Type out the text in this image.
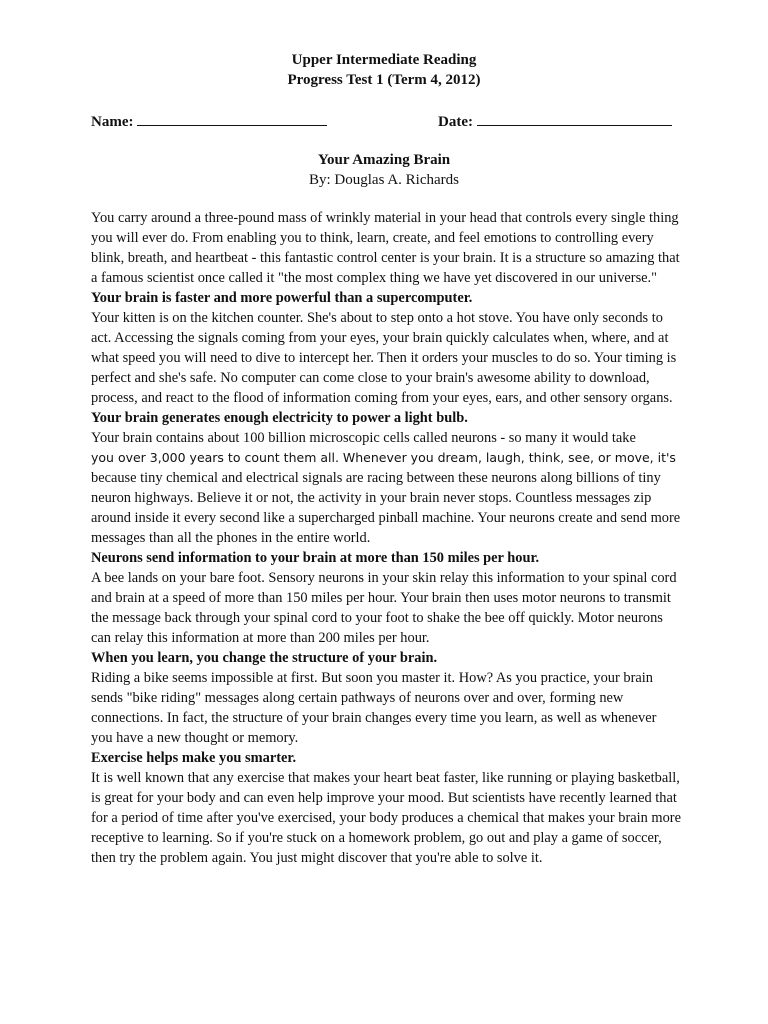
Upper Intermediate Reading
Progress Test 1 (Term 4, 2012)
Name:	Date:
Your Amazing Brain
By: Douglas A. Richards

You carry around a three-pound mass of wrinkly material in your head that controls every single thing you will ever do. From enabling you to think, learn, create, and feel emotions to controlling every blink, breath, and heartbeat - this fantastic control center is your brain. It is a structure so amazing that a famous scientist once called it "the most complex thing we have yet discovered in our universe."

Your brain is faster and more powerful than a supercomputer.

Your kitten is on the kitchen counter. She's about to step onto a hot stove. You have only seconds to act. Accessing the signals coming from your eyes, your brain quickly calculates when, where, and at what speed you will need to dive to intercept her. Then it orders your muscles to do so. Your timing is perfect and she's safe. No computer can come close to your brain's awesome ability to download, process, and react to the flood of information coming from your eyes, ears, and other sensory organs.

Your brain generates enough electricity to power a light bulb.

Your brain contains about 100 billion microscopic cells called neurons - so many it would take
you over 3,000 years to count them all. Whenever you dream, laugh, think, see, or move, it's because tiny chemical and electrical signals are racing between these neurons along billions of tiny neuron highways. Believe it or not, the activity in your brain never stops. Countless messages zip around inside it every second like a supercharged pinball machine. Your neurons create and send more messages than all the phones in the entire world.

Neurons send information to your brain at more than 150 miles per hour.

A bee lands on your bare foot. Sensory neurons in your skin relay this information to your spinal cord and brain at a speed of more than 150 miles per hour. Your brain then uses motor neurons to transmit the message back through your spinal cord to your foot to shake the bee off quickly. Motor neurons can relay this information at more than 200 miles per hour.

When you learn, you change the structure of your brain.

Riding a bike seems impossible at first. But soon you master it. How? As you practice, your brain sends "bike riding" messages along certain pathways of neurons over and over, forming new connections. In fact, the structure of your brain changes every time you learn, as well as whenever you have a new thought or memory.

Exercise helps make you smarter.

It is well known that any exercise that makes your heart beat faster, like running or playing basketball, is great for your body and can even help improve your mood. But scientists have recently learned that for a period of time after you've exercised, your body produces a chemical that makes your brain more receptive to learning. So if you're stuck on a homework problem, go out and play a game of soccer, then try the problem again. You just might discover that you're able to solve it.
